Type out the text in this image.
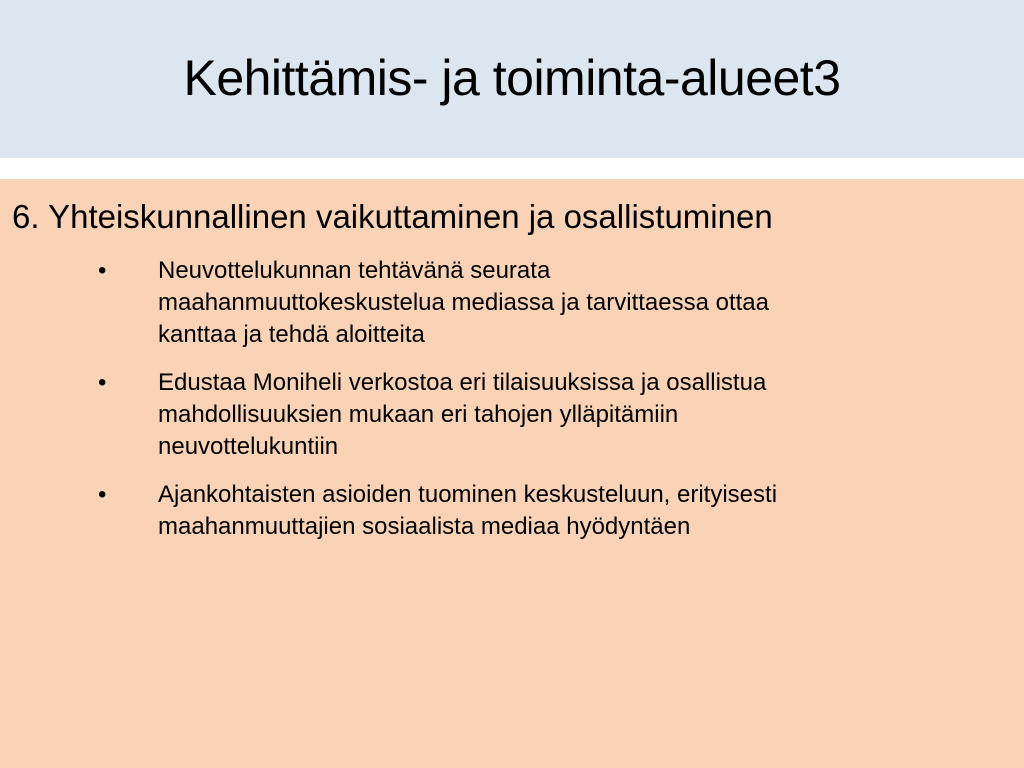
Kehittämis- ja toiminta-alueet3
6. Yhteiskunnallinen vaikuttaminen ja osallistuminen
•	Neuvottelukunnan tehtävänä seurata
maahanmuuttokeskustelua mediassa ja tarvittaessa ottaa
kanttaa ja tehdä aloitteita
•	Edustaa Moniheli verkostoa eri tilaisuuksissa ja osallistua
mahdollisuuksien mukaan eri tahojen ylläpitämiin
neuvottelukuntiin
•	Ajankohtaisten asioiden tuominen keskusteluun, erityisesti
maahanmuuttajien sosiaalista mediaa hyödyntäen
